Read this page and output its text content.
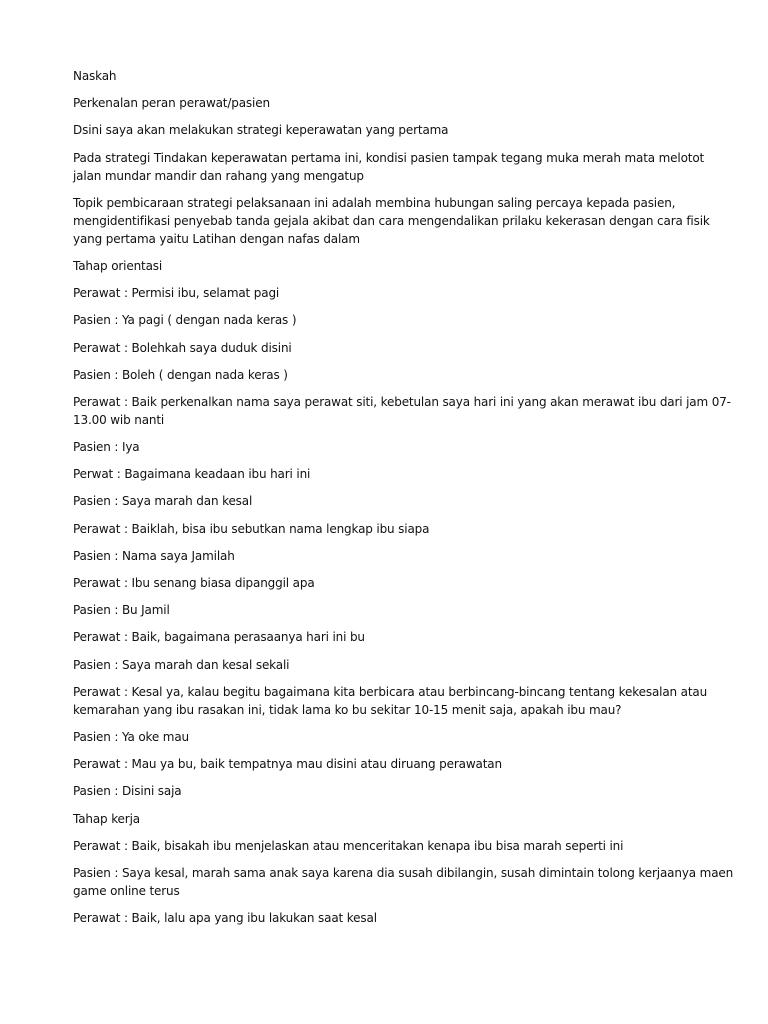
Naskah

Perkenalan peran perawat/pasien

Dsini saya akan melakukan strategi keperawatan yang pertama

Pada strategi Tindakan keperawatan pertama ini, kondisi pasien tampak tegang muka merah mata melotot
jalan mundar mandir dan rahang yang mengatup

Topik pembicaraan strategi pelaksanaan ini adalah membina hubungan saling percaya kepada pasien,
mengidentifikasi penyebab tanda gejala akibat dan cara mengendalikan prilaku kekerasan dengan cara fisik
yang pertama yaitu Latihan dengan nafas dalam

Tahap orientasi

Perawat : Permisi ibu, selamat pagi

Pasien : Ya pagi ( dengan nada keras )

Perawat : Bolehkah saya duduk disini

Pasien : Boleh ( dengan nada keras )

Perawat : Baik perkenalkan nama saya perawat siti, kebetulan saya hari ini yang akan merawat ibu dari jam 07-
13.00 wib nanti

Pasien : Iya

Perwat : Bagaimana keadaan ibu hari ini

Pasien : Saya marah dan kesal

Perawat : Baiklah, bisa ibu sebutkan nama lengkap ibu siapa

Pasien : Nama saya Jamilah

Perawat : Ibu senang biasa dipanggil apa

Pasien : Bu Jamil

Perawat : Baik, bagaimana perasaanya hari ini bu

Pasien : Saya marah dan kesal sekali

Perawat : Kesal ya, kalau begitu bagaimana kita berbicara atau berbincang-bincang tentang kekesalan atau
kemarahan yang ibu rasakan ini, tidak lama ko bu sekitar 10-15 menit saja, apakah ibu mau?

Pasien : Ya oke mau

Perawat : Mau ya bu, baik tempatnya mau disini atau diruang perawatan

Pasien : Disini saja

Tahap kerja

Perawat : Baik, bisakah ibu menjelaskan atau menceritakan kenapa ibu bisa marah seperti ini

Pasien : Saya kesal, marah sama anak saya karena dia susah dibilangin, susah dimintain tolong kerjaanya maen
game online terus

Perawat : Baik, lalu apa yang ibu lakukan saat kesal
